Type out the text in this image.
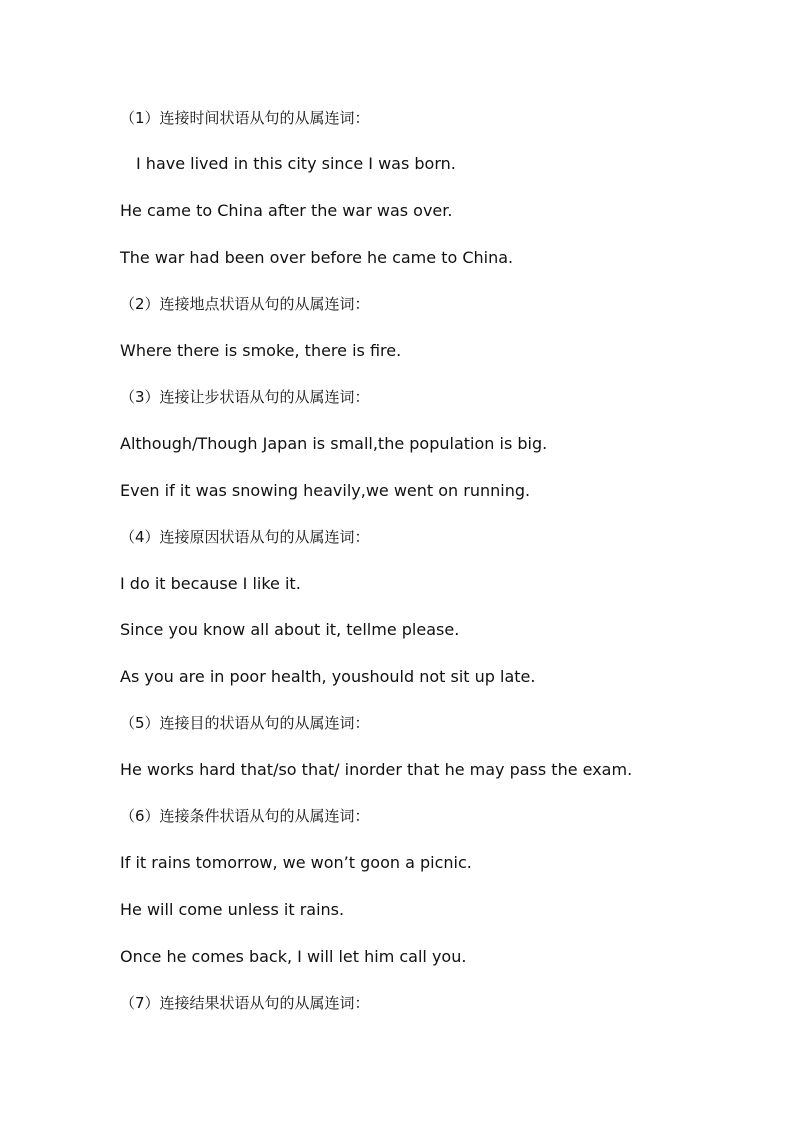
（1）连接时间状语从句的从属连词：
I have lived in this city since I was born.
He came to China after the war was over.
The war had been over before he came to China.
（2）连接地点状语从句的从属连词：
Where there is smoke, there is fire.
（3）连接让步状语从句的从属连词：
Although/Though Japan is small,the population is big.
Even if it was snowing heavily,we went on running.
（4）连接原因状语从句的从属连词：
I do it because I like it.
Since you know all about it, tellme please.
As you are in poor health, youshould not sit up late.
（5）连接目的状语从句的从属连词：
He works hard that/so that/ inorder that he may pass the exam.
（6）连接条件状语从句的从属连词：
If it rains tomorrow, we won’t goon a picnic.
He will come unless it rains.
Once he comes back, I will let him call you.
（7）连接结果状语从句的从属连词：
